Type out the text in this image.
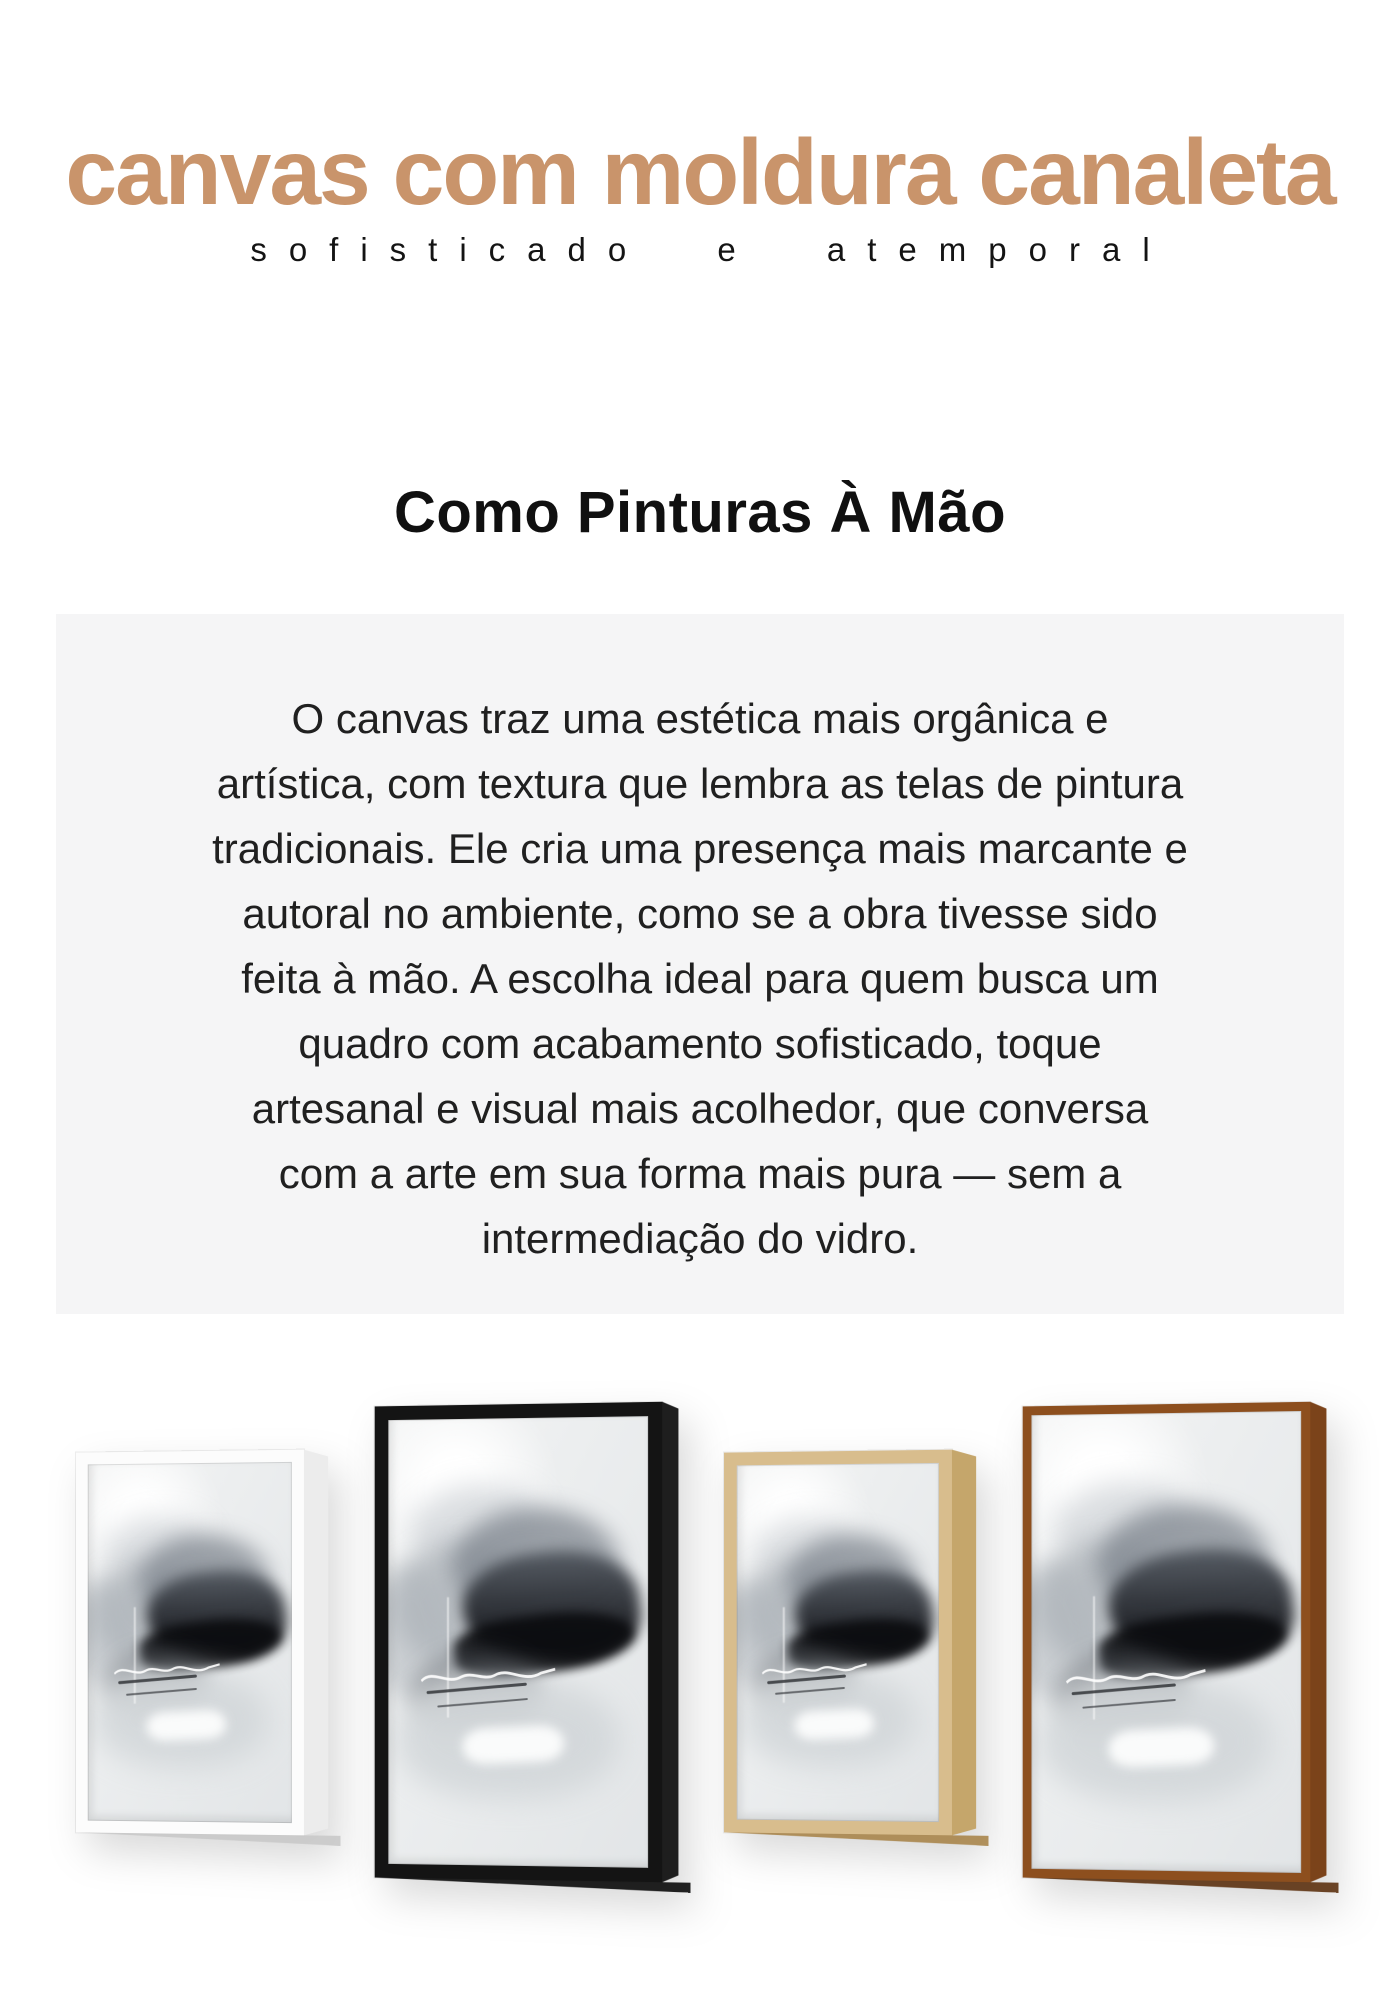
canvas com moldura canaleta
sofisticado e atemporal
Como Pinturas À Mão
O canvas traz uma estética mais orgânica e
artística, com textura que lembra as telas de pintura
tradicionais. Ele cria uma presença mais marcante e
autoral no ambiente, como se a obra tivesse sido
feita à mão. A escolha ideal para quem busca um
quadro com acabamento sofisticado, toque
artesanal e visual mais acolhedor, que conversa
com a arte em sua forma mais pura — sem a
intermediação do vidro.
